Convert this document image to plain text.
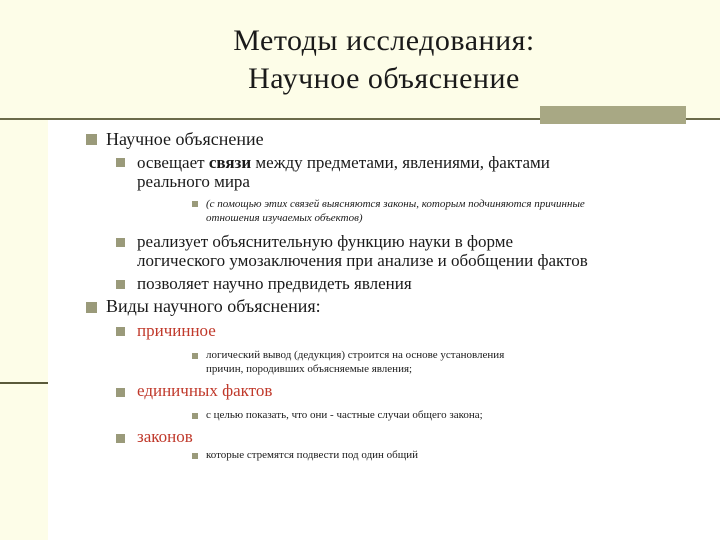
Методы исследования:
Научное объяснение
Научное объяснение
освещает связи между предметами, явлениями, фактами
реального мира
(с помощью этих связей выясняются законы, которым подчиняются причинные
отношения изучаемых объектов)
реализует объяснительную функцию науки в форме
логического умозаключения при анализе и обобщении фактов
позволяет научно предвидеть явления
Виды научного объяснения:
причинное
логический вывод (дедукция) строится на основе установления
причин, породивших объясняемые явления;
единичных фактов
с целью показать, что они - частные случаи общего закона;
законов
которые стремятся подвести под один общий
